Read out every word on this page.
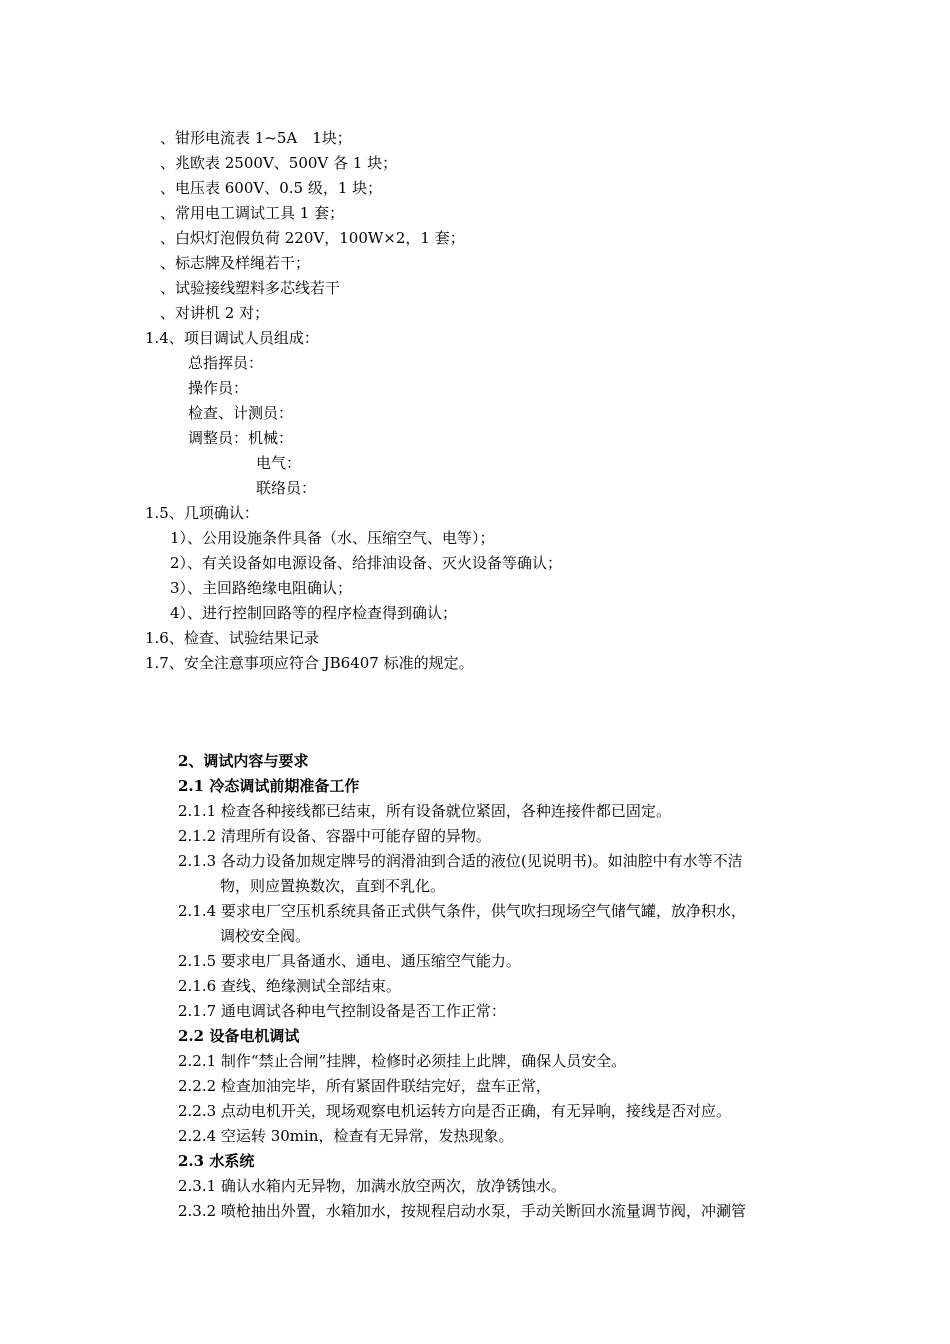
、钳形电流表 1~5A　1块；
、兆欧表 2500V、500V 各 1 块；
、电压表 600V、0.5 级，1 块；
、常用电工调试工具 1 套；
、白炽灯泡假负荷 220V，100W×2，1 套；
、标志牌及样绳若干；
、试验接线塑料多芯线若干
、对讲机 2 对；
1.4、项目调试人员组成：
总指挥员：
操作员：
检查、计测员：
调整员：机械：
电气：
联络员：
1.5、几项确认：
1）、公用设施条件具备（水、压缩空气、电等）；
2）、有关设备如电源设备、给排油设备、灭火设备等确认；
3）、主回路绝缘电阻确认；
4）、进行控制回路等的程序检查得到确认；
1.6、检查、试验结果记录
1.7、安全注意事项应符合 JB6407 标准的规定。
2、调试内容与要求
2.1 冷态调试前期准备工作
2.1.1 检查各种接线都已结束，所有设备就位紧固，各种连接件都已固定。
2.1.2 清理所有设备、容器中可能存留的异物。
2.1.3 各动力设备加规定牌号的润滑油到合适的液位(见说明书)。如油腔中有水等不洁
物，则应置换数次，直到不乳化。
2.1.4 要求电厂空压机系统具备正式供气条件，供气吹扫现场空气储气罐，放净积水，
调校安全阀。
2.1.5 要求电厂具备通水、通电、通压缩空气能力。
2.1.6 查线、绝缘测试全部结束。
2.1.7 通电调试各种电气控制设备是否工作正常：
2.2 设备电机调试
2.2.1 制作“禁止合闸”挂牌，检修时必须挂上此牌，确保人员安全。
2.2.2 检查加油完毕，所有紧固件联结完好，盘车正常，
2.2.3 点动电机开关，现场观察电机运转方向是否正确，有无异响，接线是否对应。
2.2.4 空运转 30min，检查有无异常，发热现象。
2.3 水系统
2.3.1 确认水箱内无异物，加满水放空两次，放净锈蚀水。
2.3.2 喷枪抽出外置，水箱加水，按规程启动水泵，手动关断回水流量调节阀，冲涮管
